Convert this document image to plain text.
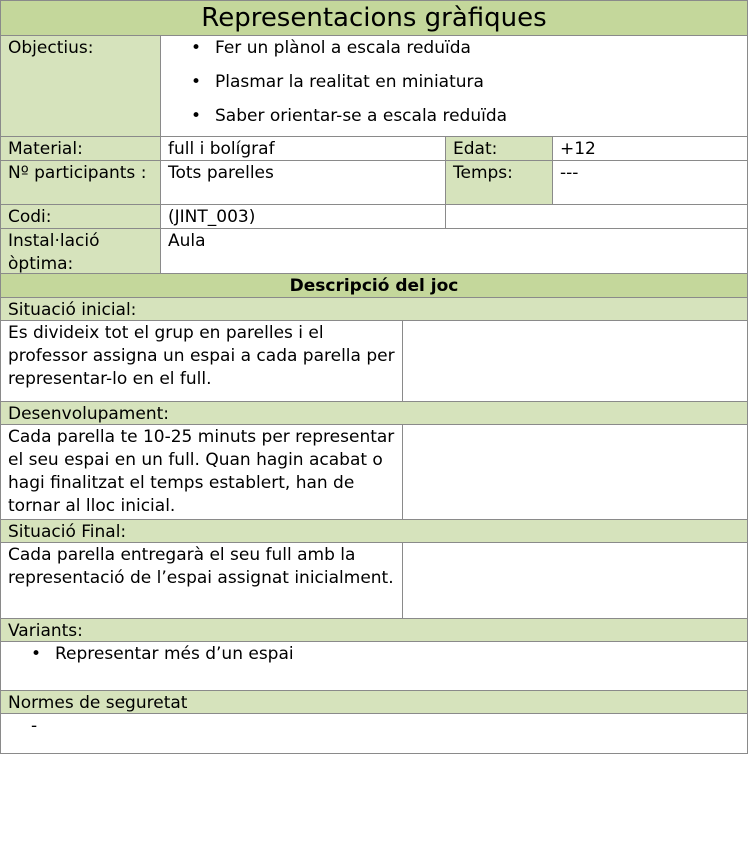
Representacions gràfiques
Objectius:
•	Fer un plànol a escala reduïda
• Plasmar la realitat en miniatura
• Saber orientar-se a escala reduïda
Material:	full i bolígraf	Edat:	+12
Nº participants :	Tots parelles	Temps:	---
Codi:	(JINT_003)
Instal·lació òptima:
Aula
Descripció del joc
Situació inicial:
Es divideix tot el grup en parelles i el professor assigna un espai a cada parella per representar-lo en el full.
Desenvolupament:
Cada parella te 10-25 minuts per representar el seu espai en un full. Quan hagin acabat o hagi finalitzat el temps establert, han de tornar al lloc inicial.
Situació Final:
Cada parella entregarà el seu full amb la representació de l’espai assignat inicialment.
Variants:
• Representar més d’un espai
Normes de seguretat
-
